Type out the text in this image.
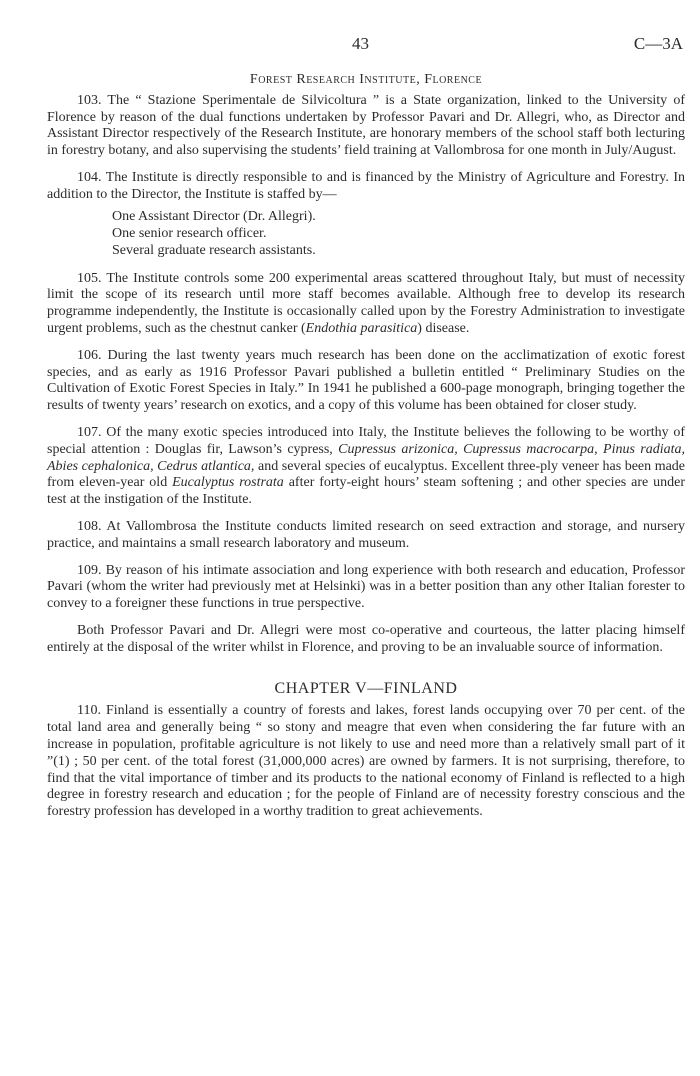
43	C—3A
Forest Research Institute, Florence

103. The “ Stazione Sperimentale de Silvicoltura ” is a State organization, linked to the University of Florence by reason of the dual functions undertaken by Professor Pavari and Dr. Allegri, who, as Director and Assistant Director respectively of the Research Institute, are honorary members of the school staff both lecturing in forestry botany, and also supervising the students’ field training at Vallombrosa for one month in July/August.

104. The Institute is directly responsible to and is financed by the Ministry of Agriculture and Forestry. In addition to the Director, the Institute is staffed by—

One Assistant Director (Dr. Allegri).
One senior research officer.
Several graduate research assistants.

105. The Institute controls some 200 experimental areas scattered throughout Italy, but must of necessity limit the scope of its research until more staff becomes available. Although free to develop its research programme independently, the Institute is occasionally called upon by the Forestry Administration to investigate urgent problems, such as the chestnut canker (Endothia parasitica) disease.

106. During the last twenty years much research has been done on the acclimatization of exotic forest species, and as early as 1916 Professor Pavari published a bulletin entitled “ Preliminary Studies on the Cultivation of Exotic Forest Species in Italy.” In 1941 he published a 600-page monograph, bringing together the results of twenty years’ research on exotics, and a copy of this volume has been obtained for closer study.

107. Of the many exotic species introduced into Italy, the Institute believes the following to be worthy of special attention : Douglas fir, Lawson’s cypress, Cupressus arizonica, Cupressus macrocarpa, Pinus radiata, Abies cephalonica, Cedrus atlantica, and several species of eucalyptus. Excellent three-ply veneer has been made from eleven-year old Eucalyptus rostrata after forty-eight hours’ steam softening ; and other species are under test at the instigation of the Institute.

108. At Vallombrosa the Institute conducts limited research on seed extraction and storage, and nursery practice, and maintains a small research laboratory and museum.

109. By reason of his intimate association and long experience with both research and education, Professor Pavari (whom the writer had previously met at Helsinki) was in a better position than any other Italian forester to convey to a foreigner these functions in true perspective.

Both Professor Pavari and Dr. Allegri were most co-operative and courteous, the latter placing himself entirely at the disposal of the writer whilst in Florence, and proving to be an invaluable source of information.

CHAPTER V—FINLAND

110. Finland is essentially a country of forests and lakes, forest lands occupying over 70 per cent. of the total land area and generally being “ so stony and meagre that even when considering the far future with an increase in population, profitable agriculture is not likely to use and need more than a relatively small part of it ”(1) ; 50 per cent. of the total forest (31,000,000 acres) are owned by farmers. It is not surprising, therefore, to find that the vital importance of timber and its products to the national economy of Finland is reflected to a high degree in forestry research and education ; for the people of Finland are of necessity forestry conscious and the forestry profession has developed in a worthy tradition to great achievements.
